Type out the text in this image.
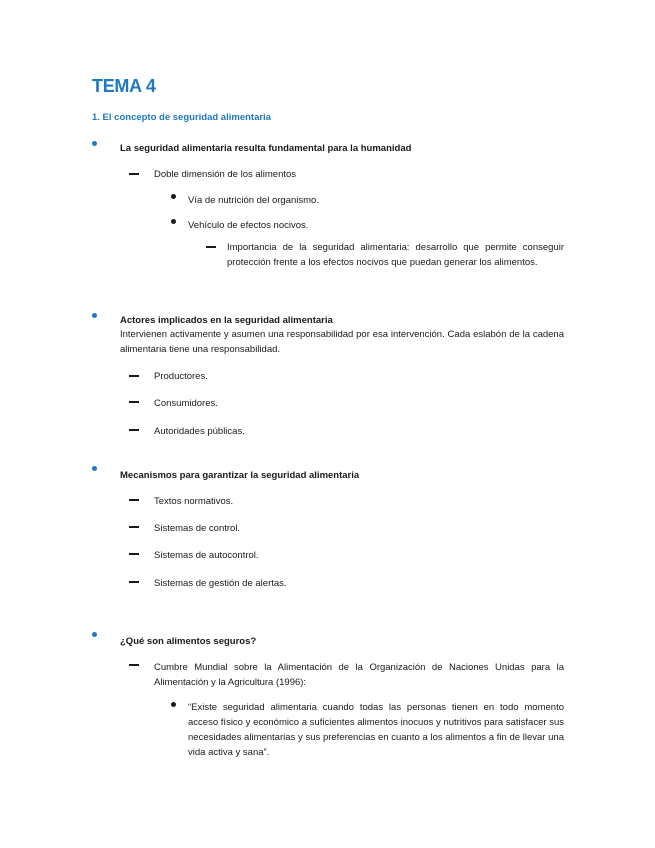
TEMA 4
1. El concepto de seguridad alimentaria
La seguridad alimentaria resulta fundamental para la humanidad
Doble dimensión de los alimentos
Vía de nutrición del organismo.
Vehículo de efectos nocivos.
Importancia de la seguridad alimentaria: desarrollo que permite conseguir protección frente a los efectos nocivos que puedan generar los alimentos.
Actores implicados en la seguridad alimentaria
Intervienen activamente y asumen una responsabilidad por esa intervención. Cada eslabón de la cadena alimentaria tiene una responsabilidad.
Productores.
Consumidores.
Autoridades públicas.
Mecanismos para garantizar la seguridad alimentaria
Textos normativos.
Sistemas de control.
Sistemas de autocontrol.
Sistemas de gestión de alertas.
¿Qué son alimentos seguros?
Cumbre Mundial sobre la Alimentación de la Organización de Naciones Unidas para la Alimentación y la Agricultura (1996):
“Existe seguridad alimentaria cuando todas las personas tienen en todo momento acceso físico y económico a suficientes alimentos inocuos y nutritivos para satisfacer sus necesidades alimentarias y sus preferencias en cuanto a los alimentos a fin de llevar una vida activa y sana”.
